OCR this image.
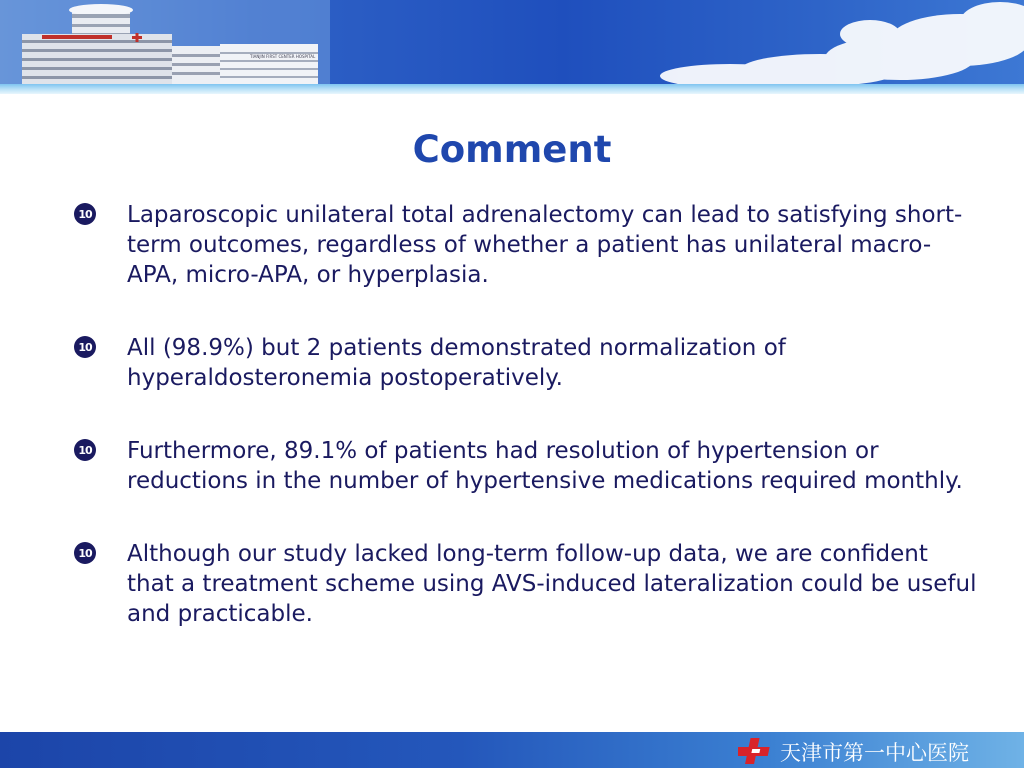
TIANJIN FIRST CENTER HOSPITAL
Comment
10 Laparoscopic unilateral total adrenalectomy can lead to satisfying short-term outcomes, regardless of whether a patient has unilateral macro-APA, micro-APA, or hyperplasia.
10 All (98.9%) but 2 patients demonstrated normalization of hyperaldosteronemia postoperatively.
10 Furthermore, 89.1% of patients had resolution of hypertension or reductions in the number of hypertensive medications required monthly.
10 Although our study lacked long-term follow-up data, we are confident that a treatment scheme using AVS-induced lateralization could be useful and practicable.
天津市第一中心医院
